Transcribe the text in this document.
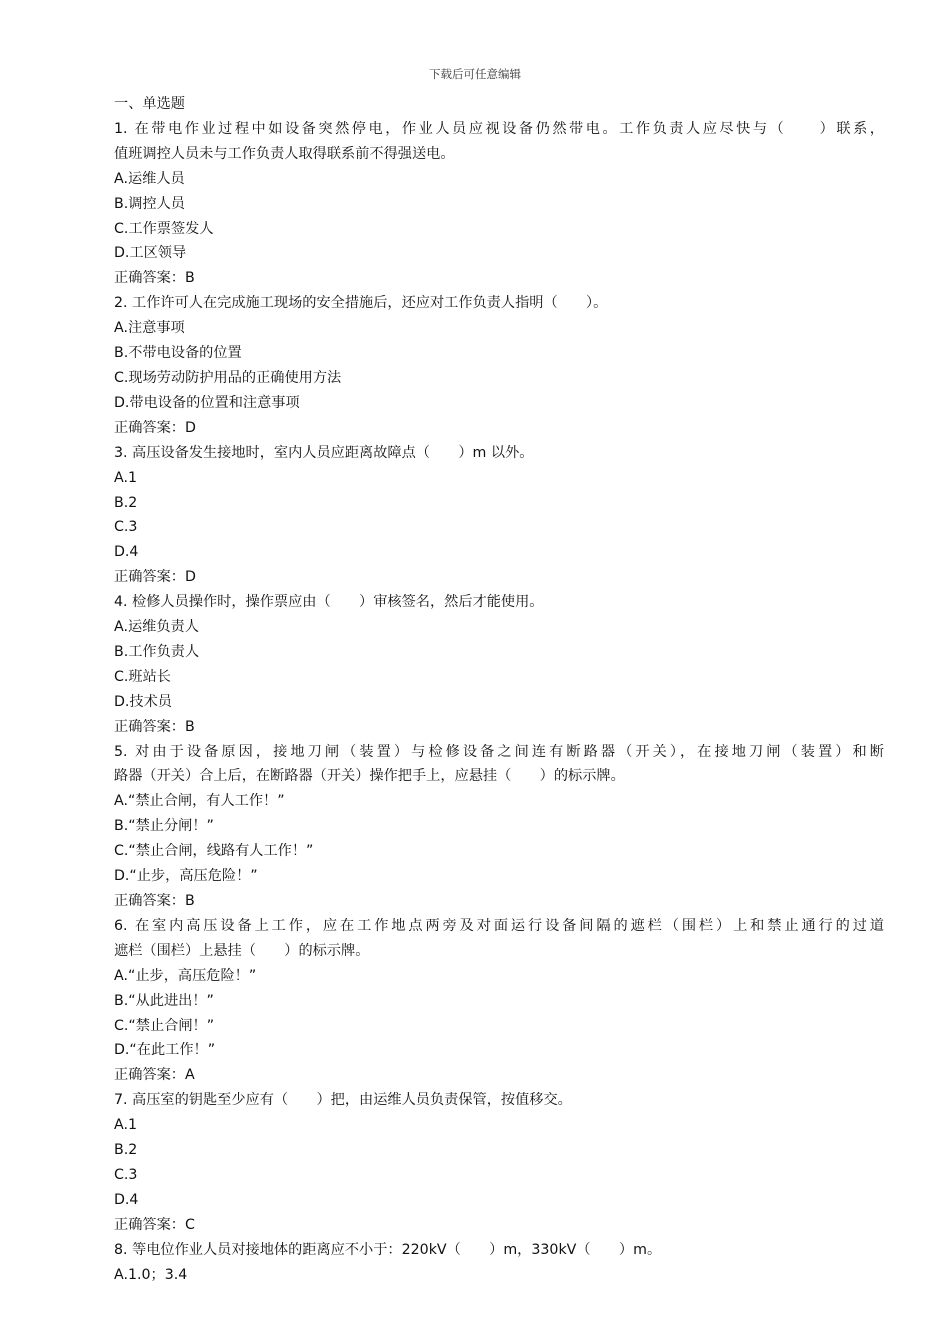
下载后可任意编辑
一、单选题
1. 在带电作业过程中如设备突然停电，作业人员应视设备仍然带电。工作负责人应尽快与（　　）联系，
值班调控人员未与工作负责人取得联系前不得强送电。
A.运维人员
B.调控人员
C.工作票签发人
D.工区领导
正确答案：B
2. 工作许可人在完成施工现场的安全措施后，还应对工作负责人指明（　　）。
A.注意事项
B.不带电设备的位置
C.现场劳动防护用品的正确使用方法
D.带电设备的位置和注意事项
正确答案：D
3. 高压设备发生接地时，室内人员应距离故障点（　　）m 以外。
A.1
B.2
C.3
D.4
正确答案：D
4. 检修人员操作时，操作票应由（　　）审核签名，然后才能使用。
A.运维负责人
B.工作负责人
C.班站长
D.技术员
正确答案：B
5. 对由于设备原因，接地刀闸（装置）与检修设备之间连有断路器（开关），在接地刀闸（装置）和断
路器（开关）合上后，在断路器（开关）操作把手上，应悬挂（　　）的标示牌。
A.“禁止合闸，有人工作！”
B.“禁止分闸！”
C.“禁止合闸，线路有人工作！”
D.“止步，高压危险！”
正确答案：B
6. 在室内高压设备上工作，应在工作地点两旁及对面运行设备间隔的遮栏（围栏）上和禁止通行的过道
遮栏（围栏）上悬挂（　　）的标示牌。
A.“止步，高压危险！”
B.“从此进出！”
C.“禁止合闸！”
D.“在此工作！”
正确答案：A
7. 高压室的钥匙至少应有（　　）把，由运维人员负责保管，按值移交。
A.1
B.2
C.3
D.4
正确答案：C
8. 等电位作业人员对接地体的距离应不小于：220kV（　　）m，330kV（　　）m。
A.1.0；3.4
